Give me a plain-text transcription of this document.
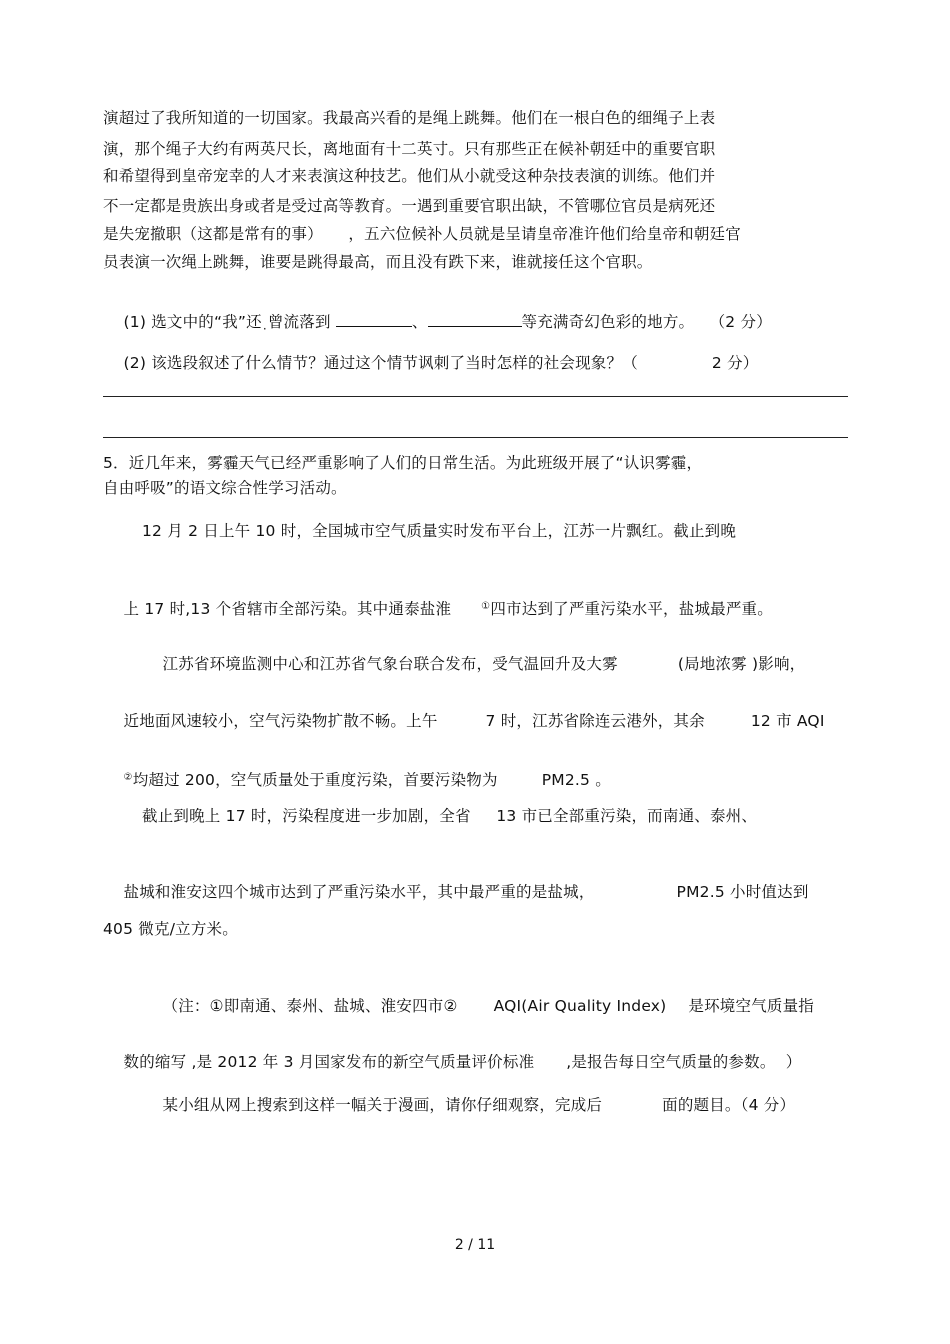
演超过了我所知道的一切国家。我最高兴看的是绳上跳舞。他们在一根白色的细绳子上表
演，那个绳子大约有两英尺长，离地面有十二英寸。只有那些正在候补朝廷中的重要官职
和希望得到皇帝宠幸的人才来表演这种技艺。他们从小就受这种杂技表演的训练。他们并
不一定都是贵族出身或者是受过高等教育。一遇到重要官职出缺，不管哪位官员是病死还
是失宠撤职（这都是常有的事）     ，五六位候补人员就是呈请皇帝准许他们给皇帝和朝廷官
员表演一次绳上跳舞，谁要是跳得最高，而且没有跌下来，谁就接任这个官职。

(1) 选文中的“我”还·曾流落到	、	等充满奇幻色彩的地方。 （2 分）

(2) 该选段叙述了什么情节？通过这个情节讽刺了当时怎样的社会现象？（	2 分）

5．近几年来，雾霾天气已经严重影响了人们的日常生活。为此班级开展了“认识雾霾，
自由呼吸”的语文综合性学习活动。
12 月 2 日上午 10 时，全国城市空气质量实时发布平台上，江苏一片飘红。截止到晚

上 17 时,13 个省辖市全部污染。其中通泰盐淮	①四市达到了严重污染水平，盐城最严重。

江苏省环境监测中心和江苏省气象台联合发布，受气温回升及大雾	(局地浓雾 )影响，

近地面风速较小，空气污染物扩散不畅。上午	7 时，江苏省除连云港外，其余	12 市 AQI

②均超过 200，空气质量处于重度污染，首要污染物为	PM2.5 。

截止到晚上 17 时，污染程度进一步加剧，全省     13 市已全部重污染，而南通、泰州、

盐城和淮安这四个城市达到了严重污染水平，其中最严重的是盐城，	PM2.5 小时值达到

405 微克/立方米。

（注：①即南通、泰州、盐城、淮安四市② AQI(Air Quality Index) 是环境空气质量指

数的缩写 ,是 2012 年 3 月国家发布的新空气质量评价标准 ,是报告每日空气质量的参数。  ）

某小组从网上搜索到这样一幅关于漫画，请你仔细观察，完成后	面的题目。（4 分）

2 / 11
